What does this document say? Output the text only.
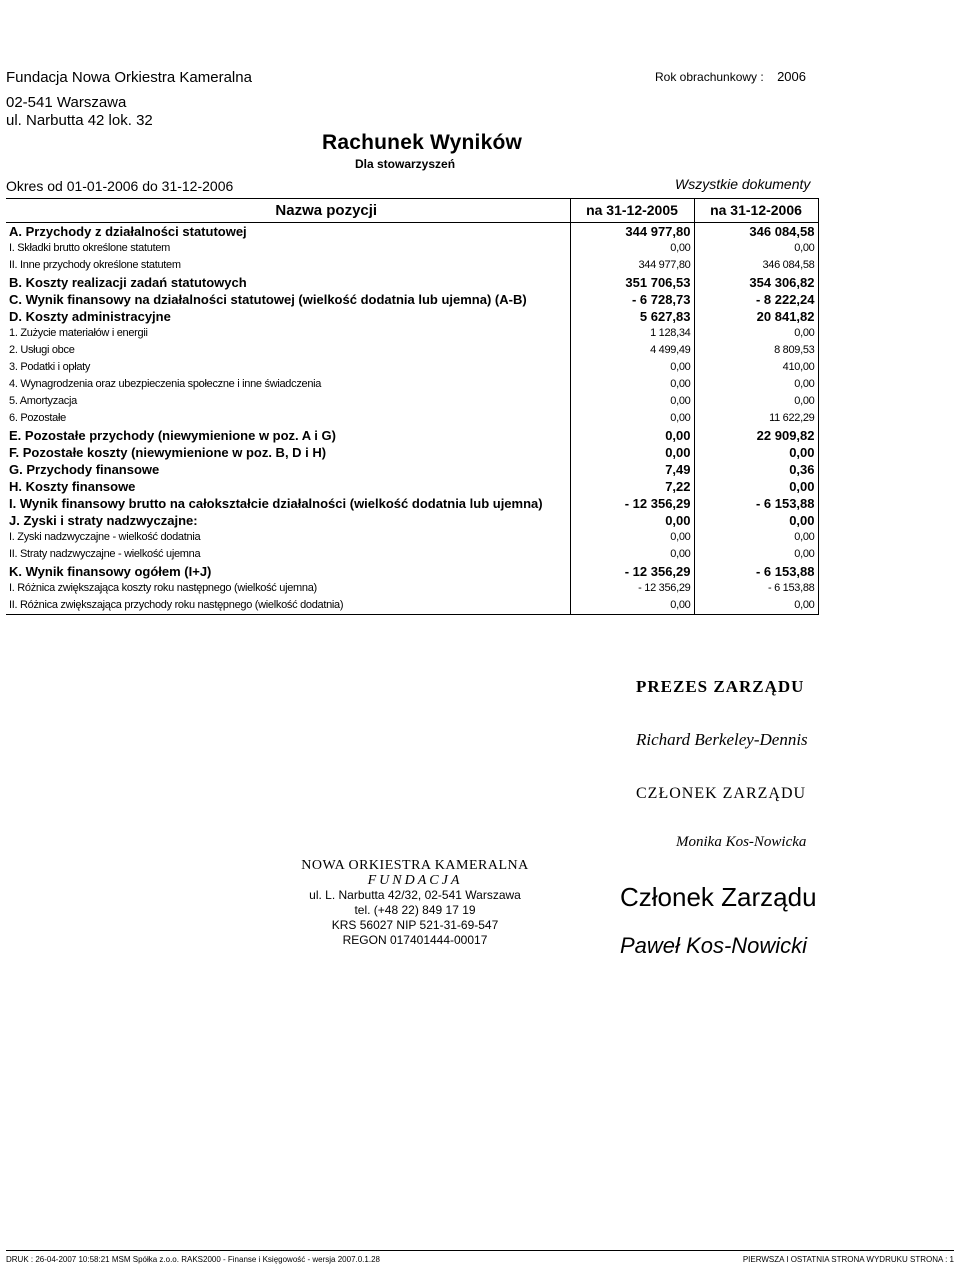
Fundacja Nowa Orkiestra Kameralna
02-541 Warszawa
ul. Narbutta 42 lok. 32
Rok obrachunkowy : 2006
Rachunek Wyników
Dla stowarzyszeń
Okres od 01-01-2006 do 31-12-2006	Wszystkie dokumenty
Nazwa pozycji	na 31-12-2005	na 31-12-2006
A. Przychody z działalności statutowej	344 977,80	346 084,58
I. Składki brutto określone statutem	0,00	0,00
II. Inne przychody określone statutem	344 977,80	346 084,58
B. Koszty realizacji zadań statutowych	351 706,53	354 306,82
C. Wynik finansowy na działalności statutowej (wielkość dodatnia lub ujemna) (A-B)	- 6 728,73	- 8 222,24
D. Koszty administracyjne	5 627,83	20 841,82
1. Zużycie materiałów i energii	1 128,34	0,00
2. Usługi obce	4 499,49	8 809,53
3. Podatki i opłaty	0,00	410,00
4. Wynagrodzenia oraz ubezpieczenia społeczne i inne świadczenia	0,00	0,00
5. Amortyzacja	0,00	0,00
6. Pozostałe	0,00	11 622,29
E. Pozostałe przychody (niewymienione w poz. A i G)	0,00	22 909,82
F. Pozostałe koszty (niewymienione w poz. B, D i H)	0,00	0,00
G. Przychody finansowe	7,49	0,36
H. Koszty finansowe	7,22	0,00
I. Wynik finansowy brutto na całokształcie działalności (wielkość dodatnia lub ujemna)	- 12 356,29	- 6 153,88
J. Zyski i straty nadzwyczajne:	0,00	0,00
I. Zyski nadzwyczajne - wielkość dodatnia	0,00	0,00
II. Straty nadzwyczajne - wielkość ujemna	0,00	0,00
K. Wynik finansowy ogółem (I+J)	- 12 356,29	- 6 153,88
I. Różnica zwiększająca koszty roku następnego (wielkość ujemna)	- 12 356,29	- 6 153,88
II. Różnica zwiększająca przychody roku następnego (wielkość dodatnia)	0,00	0,00
PREZES ZARZĄDU
Richard Berkeley-Dennis
CZŁONEK ZARZĄDU
Monika Kos-Nowicka
Członek Zarządu
Paweł Kos-Nowicki
NOWA ORKIESTRA KAMERALNA
FUNDACJA
ul. L. Narbutta 42/32, 02-541 Warszawa
tel. (+48 22) 849 17 19
KRS 56027 NIP 521-31-69-547
REGON 017401444-00017
DRUK : 26-04-2007 10:58:21 MSM Spółka z.o.o. RAKS2000 - Finanse i Księgowość - wersja 2007.0.1.28	PIERWSZA I OSTATNIA STRONA WYDRUKU STRONA : 1
